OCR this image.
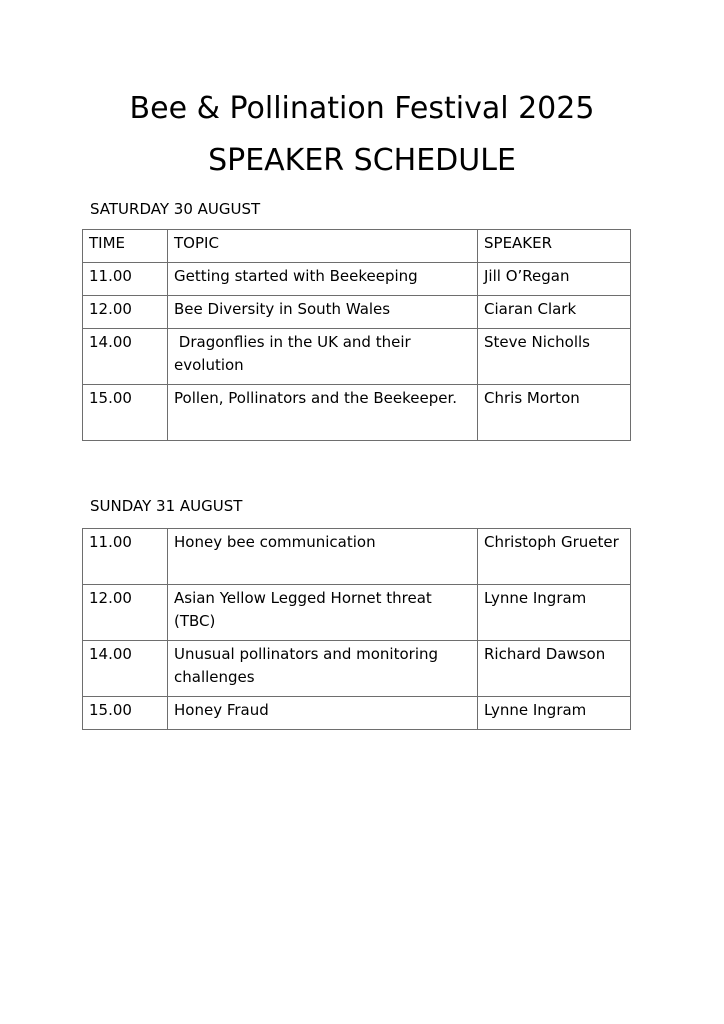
Bee & Pollination Festival 2025
SPEAKER SCHEDULE
SATURDAY 30 AUGUST
TIME	TOPIC	SPEAKER
11.00	Getting started with Beekeeping	Jill O’Regan
12.00	Bee Diversity in South Wales	Ciaran Clark
14.00	Dragonflies in the UK and their evolution	Steve Nicholls
15.00	Pollen, Pollinators and the Beekeeper.	Chris Morton
SUNDAY 31 AUGUST
11.00	Honey bee communication	Christoph Grueter
12.00	Asian Yellow Legged Hornet threat (TBC)	Lynne Ingram
14.00	Unusual pollinators and monitoring challenges	Richard Dawson
15.00	Honey Fraud	Lynne Ingram
